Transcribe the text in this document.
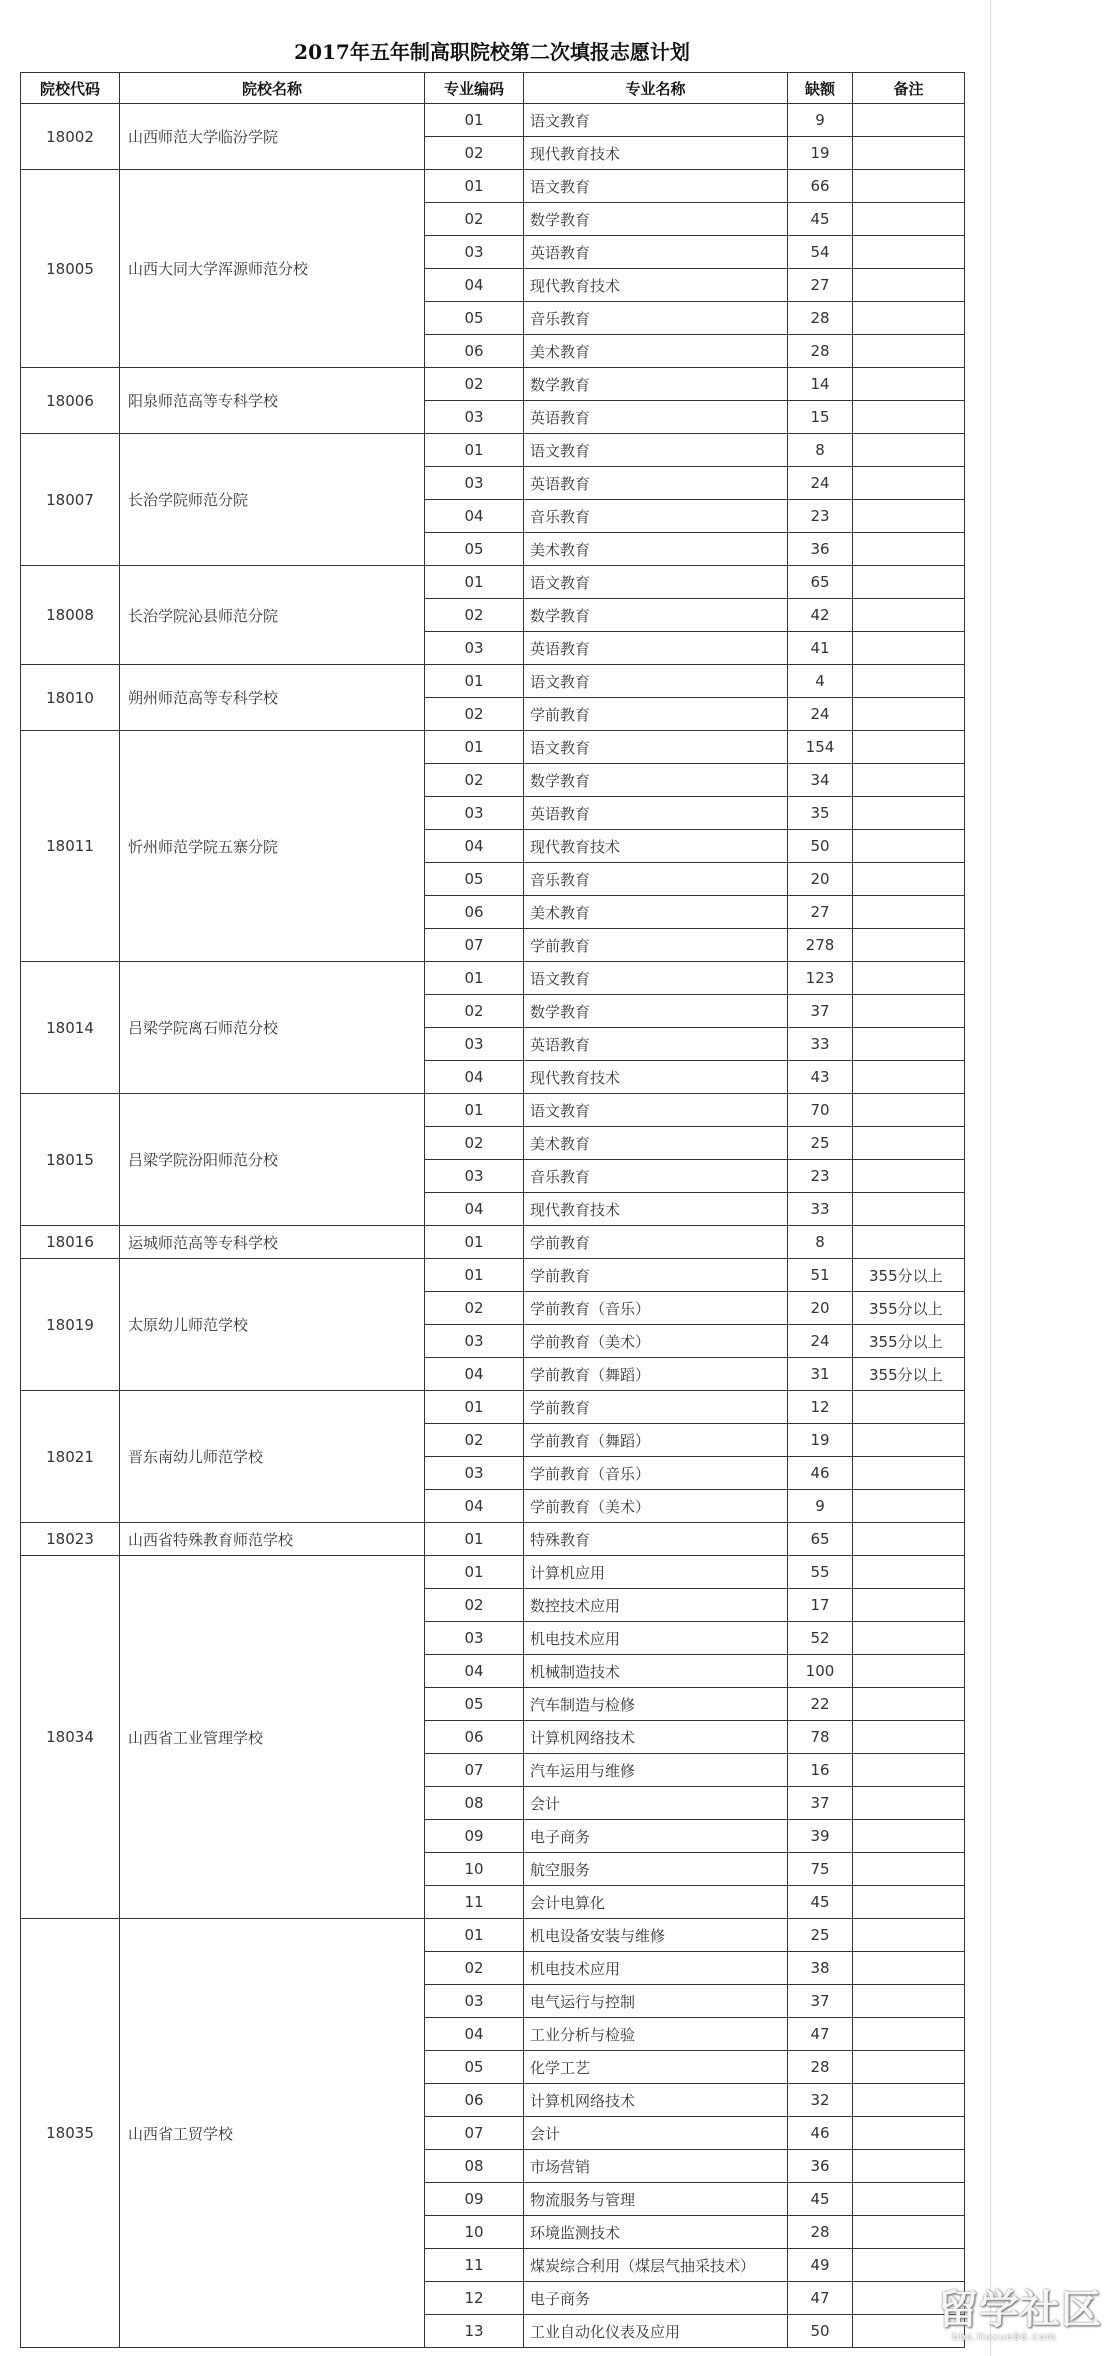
2017年五年制高职院校第二次填报志愿计划
院校代码	院校名称	专业编码	专业名称	缺额	备注
18002	山西师范大学临汾学院	01	语文教育	9	
		02	现代教育技术	19	
18005	山西大同大学浑源师范分校	01	语文教育	66	
		02	数学教育	45	
		03	英语教育	54	
		04	现代教育技术	27	
		05	音乐教育	28	
		06	美术教育	28	
18006	阳泉师范高等专科学校	02	数学教育	14	
		03	英语教育	15	
18007	长治学院师范分院	01	语文教育	8	
		03	英语教育	24	
		04	音乐教育	23	
		05	美术教育	36	
18008	长治学院沁县师范分院	01	语文教育	65	
		02	数学教育	42	
		03	英语教育	41	
18010	朔州师范高等专科学校	01	语文教育	4	
		02	学前教育	24	
18011	忻州师范学院五寨分院	01	语文教育	154	
		02	数学教育	34	
		03	英语教育	35	
		04	现代教育技术	50	
		05	音乐教育	20	
		06	美术教育	27	
		07	学前教育	278	
18014	吕梁学院离石师范分校	01	语文教育	123	
		02	数学教育	37	
		03	英语教育	33	
		04	现代教育技术	43	
18015	吕梁学院汾阳师范分校	01	语文教育	70	
		02	美术教育	25	
		03	音乐教育	23	
		04	现代教育技术	33	
18016	运城师范高等专科学校	01	学前教育	8	
18019	太原幼儿师范学校	01	学前教育	51	355分以上
		02	学前教育（音乐）	20	355分以上
		03	学前教育（美术）	24	355分以上
		04	学前教育（舞蹈）	31	355分以上
18021	晋东南幼儿师范学校	01	学前教育	12	
		02	学前教育（舞蹈）	19	
		03	学前教育（音乐）	46	
		04	学前教育（美术）	9	
18023	山西省特殊教育师范学校	01	特殊教育	65	
18034	山西省工业管理学校	01	计算机应用	55	
		02	数控技术应用	17	
		03	机电技术应用	52	
		04	机械制造技术	100	
		05	汽车制造与检修	22	
		06	计算机网络技术	78	
		07	汽车运用与维修	16	
		08	会计	37	
		09	电子商务	39	
		10	航空服务	75	
		11	会计电算化	45	
18035	山西省工贸学校	01	机电设备安装与维修	25	
		02	机电技术应用	38	
		03	电气运行与控制	37	
		04	工业分析与检验	47	
		05	化学工艺	28	
		06	计算机网络技术	32	
		07	会计	46	
		08	市场营销	36	
		09	物流服务与管理	45	
		10	环境监测技术	28	
		11	煤炭综合利用（煤层气抽采技术）	49	
		12	电子商务	47	
		13	工业自动化仪表及应用	50		留学社区
bbs.liuxue86.com
